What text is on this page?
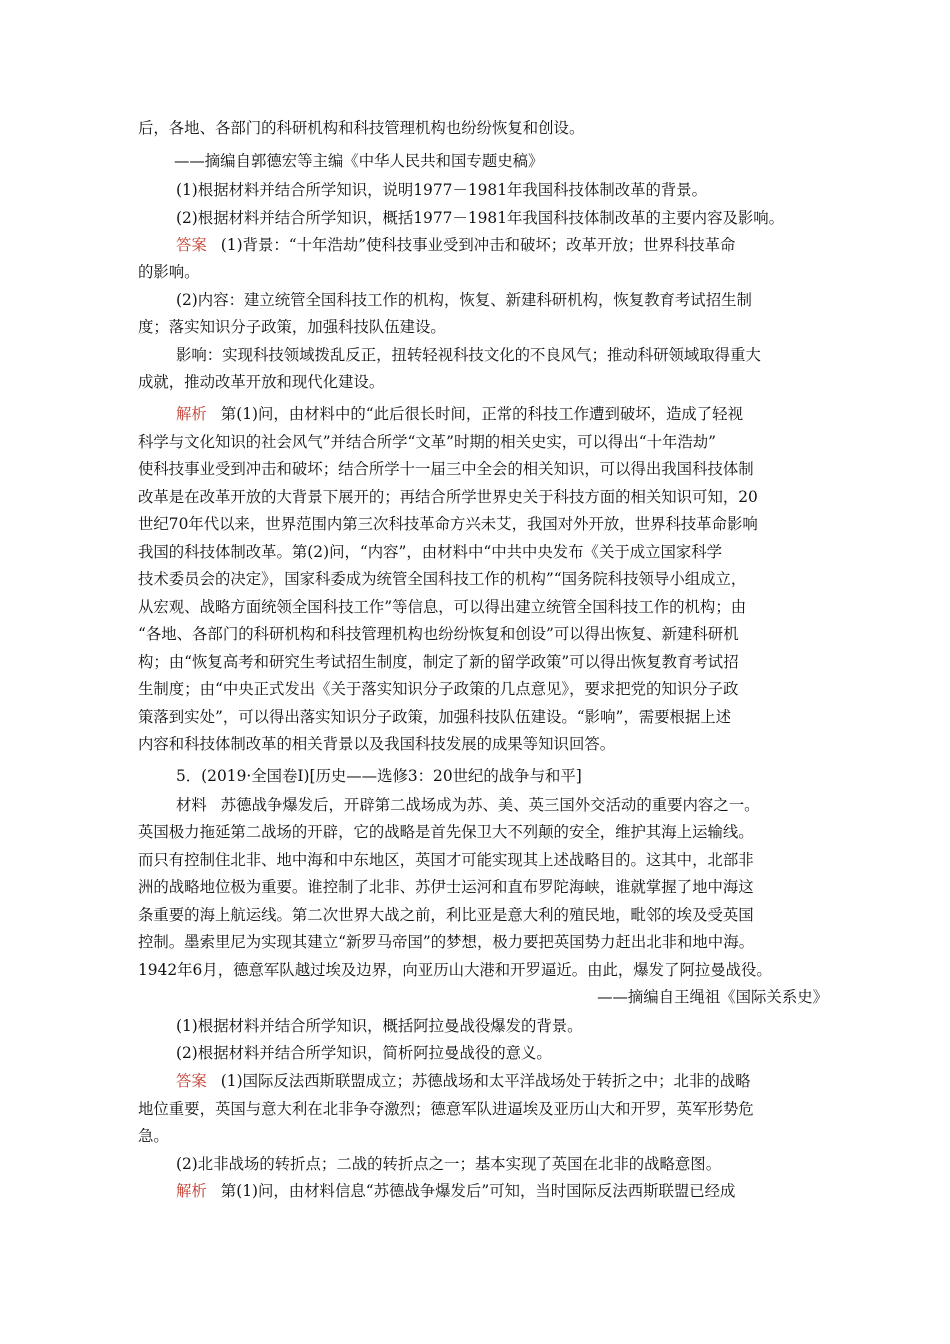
后，各地、各部门的科研机构和科技管理机构也纷纷恢复和创设。
——摘编自郭德宏等主编《中华人民共和国专题史稿》
(1)根据材料并结合所学知识，说明1977－1981年我国科技体制改革的背景。
(2)根据材料并结合所学知识，概括1977－1981年我国科技体制改革的主要内容及影响。
答案 (1)背景：“十年浩劫”使科技事业受到冲击和破坏；改革开放；世界科技革命
的影响。
(2)内容：建立统管全国科技工作的机构，恢复、新建科研机构，恢复教育考试招生制
度；落实知识分子政策，加强科技队伍建设。
影响：实现科技领域拨乱反正，扭转轻视科技文化的不良风气；推动科研领域取得重大
成就，推动改革开放和现代化建设。
解析 第(1)问，由材料中的“此后很长时间，正常的科技工作遭到破坏，造成了轻视
科学与文化知识的社会风气”并结合所学“文革”时期的相关史实，可以得出“十年浩劫”
使科技事业受到冲击和破坏；结合所学十一届三中全会的相关知识，可以得出我国科技体制
改革是在改革开放的大背景下展开的；再结合所学世界史关于科技方面的相关知识可知，20
世纪70年代以来，世界范围内第三次科技革命方兴未艾，我国对外开放，世界科技革命影响
我国的科技体制改革。第(2)问，“内容”，由材料中“中共中央发布《关于成立国家科学
技术委员会的决定》，国家科委成为统管全国科技工作的机构”“国务院科技领导小组成立，
从宏观、战略方面统领全国科技工作”等信息，可以得出建立统管全国科技工作的机构；由
“各地、各部门的科研机构和科技管理机构也纷纷恢复和创设”可以得出恢复、新建科研机
构；由“恢复高考和研究生考试招生制度，制定了新的留学政策”可以得出恢复教育考试招
生制度；由“中央正式发出《关于落实知识分子政策的几点意见》，要求把党的知识分子政
策落到实处”，可以得出落实知识分子政策，加强科技队伍建设。“影响”，需要根据上述
内容和科技体制改革的相关背景以及我国科技发展的成果等知识回答。
5．(2019·全国卷Ⅰ)[历史——选修3：20世纪的战争与和平]
材料 苏德战争爆发后，开辟第二战场成为苏、美、英三国外交活动的重要内容之一。
英国极力拖延第二战场的开辟，它的战略是首先保卫大不列颠的安全，维护其海上运输线。
而只有控制住北非、地中海和中东地区，英国才可能实现其上述战略目的。这其中，北部非
洲的战略地位极为重要。谁控制了北非、苏伊士运河和直布罗陀海峡，谁就掌握了地中海这
条重要的海上航运线。第二次世界大战之前，利比亚是意大利的殖民地，毗邻的埃及受英国
控制。墨索里尼为实现其建立“新罗马帝国”的梦想，极力要把英国势力赶出北非和地中海。
1942年6月，德意军队越过埃及边界，向亚历山大港和开罗逼近。由此，爆发了阿拉曼战役。
——摘编自王绳祖《国际关系史》
(1)根据材料并结合所学知识，概括阿拉曼战役爆发的背景。
(2)根据材料并结合所学知识，简析阿拉曼战役的意义。
答案 (1)国际反法西斯联盟成立；苏德战场和太平洋战场处于转折之中；北非的战略
地位重要，英国与意大利在北非争夺激烈；德意军队进逼埃及亚历山大和开罗，英军形势危
急。
(2)北非战场的转折点；二战的转折点之一；基本实现了英国在北非的战略意图。
解析 第(1)问，由材料信息“苏德战争爆发后”可知，当时国际反法西斯联盟已经成
